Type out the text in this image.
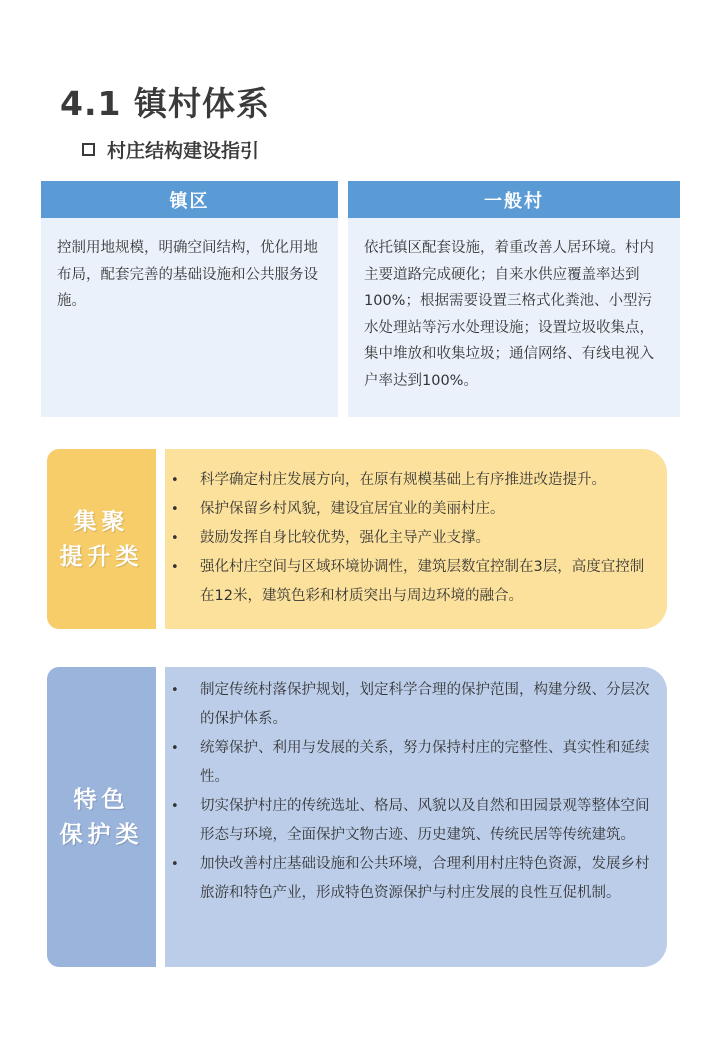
4.1 镇村体系
村庄结构建设指引
镇区
控制用地规模，明确空间结构，优化用地布局，配套完善的基础设施和公共服务设施。
一般村
依托镇区配套设施，着重改善人居环境。村内主要道路完成硬化；自来水供应覆盖率达到100%；根据需要设置三格式化粪池、小型污水处理站等污水处理设施；设置垃圾收集点，集中堆放和收集垃圾；通信网络、有线电视入户率达到100%。
集聚
提升类
• 科学确定村庄发展方向，在原有规模基础上有序推进改造提升。
• 保护保留乡村风貌，建设宜居宜业的美丽村庄。
• 鼓励发挥自身比较优势，强化主导产业支撑。
• 强化村庄空间与区域环境协调性，建筑层数宜控制在3层，高度宜控制在12米，建筑色彩和材质突出与周边环境的融合。
特色
保护类
• 制定传统村落保护规划，划定科学合理的保护范围，构建分级、分层次的保护体系。
• 统筹保护、利用与发展的关系，努力保持村庄的完整性、真实性和延续性。
• 切实保护村庄的传统选址、格局、风貌以及自然和田园景观等整体空间形态与环境，全面保护文物古迹、历史建筑、传统民居等传统建筑。
• 加快改善村庄基础设施和公共环境，合理利用村庄特色资源，发展乡村旅游和特色产业，形成特色资源保护与村庄发展的良性互促机制。
